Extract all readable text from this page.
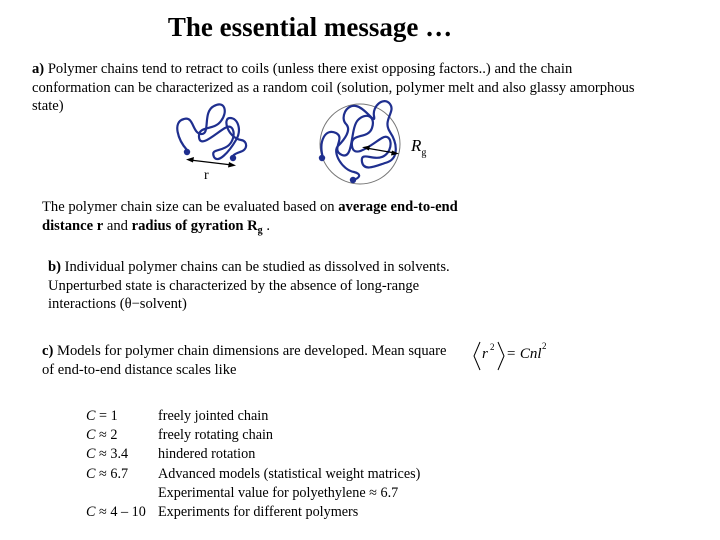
The essential message …
a) Polymer chains tend to retract to coils (unless there exist opposing factors..) and the chain conformation can be characterized as a random coil (solution, polymer melt and also glassy amorphous state)
r
$R_g$
The polymer chain size can be evaluated based on average end-to-end distance r and radius of gyration $R_g$ .
b) Individual polymer chains can be studied as dissolved in solvents. Unperturbed state is characterized by the absence of long-range interactions (θ−solvent)
c) Models for polymer chain dimensions are developed. Mean square of end-to-end distance scales like
r 2 = Cnl 2
C = 1	freely jointed chain
C ≈ 2	freely rotating chain
C ≈ 3.4	hindered rotation
C ≈ 6.7	Advanced models (statistical weight matrices)
Experimental value for polyethylene ≈ 6.7
C ≈ 4 – 10 Experiments for different polymers
